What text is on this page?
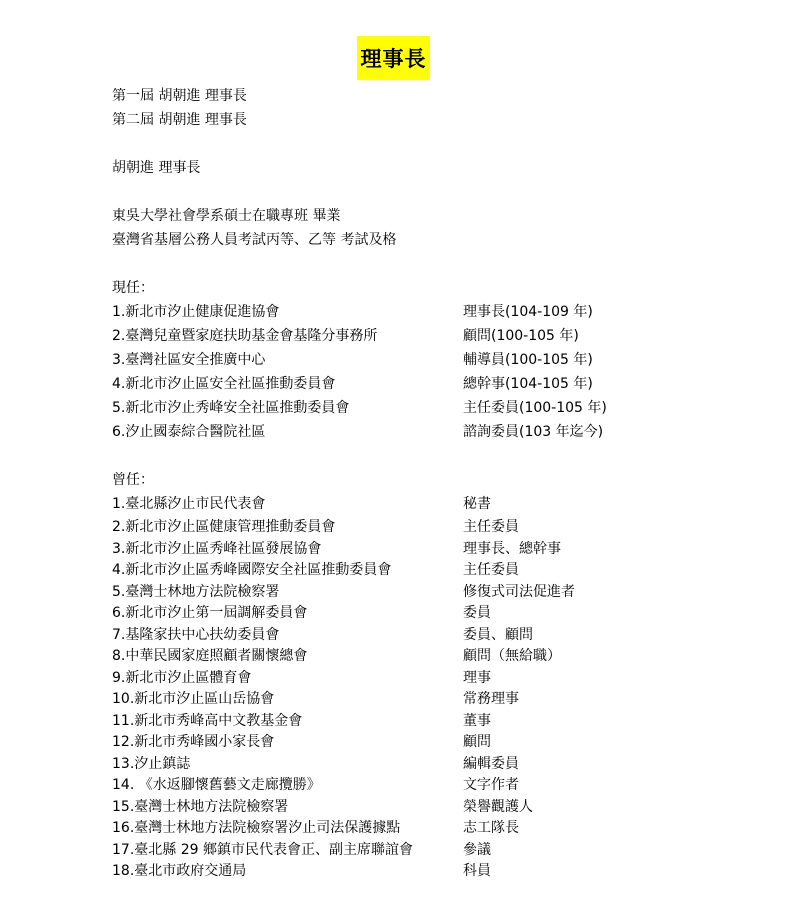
理事長
第一屆 胡朝進 理事長
第二屆 胡朝進 理事長
胡朝進 理事長
東吳大學社會學系碩士在職專班 畢業
臺灣省基層公務人員考試丙等、乙等 考試及格
現任：
1.新北市汐止健康促進協會	理事長(104-109 年)
2.臺灣兒童暨家庭扶助基金會基隆分事務所	顧問(100-105 年)
3.臺灣社區安全推廣中心	輔導員(100-105 年)
4.新北市汐止區安全社區推動委員會	總幹事(104-105 年)
5.新北市汐止秀峰安全社區推動委員會	主任委員(100-105 年)
6.汐止國泰綜合醫院社區	諮詢委員(103 年迄今)
曾任：
1.臺北縣汐止市民代表會	秘書
2.新北市汐止區健康管理推動委員會	主任委員
3.新北市汐止區秀峰社區發展協會	理事長、總幹事
4.新北市汐止區秀峰國際安全社區推動委員會	主任委員
5.臺灣士林地方法院檢察署	修復式司法促進者
6.新北市汐止第一屆調解委員會	委員
7.基隆家扶中心扶幼委員會	委員、顧問
8.中華民國家庭照顧者關懷總會	顧問（無給職）
9.新北市汐止區體育會	理事
10.新北市汐止區山岳協會	常務理事
11.新北市秀峰高中文教基金會	董事
12.新北市秀峰國小家長會	顧問
13.汐止鎮誌	編輯委員
14. 《水返腳懷舊藝文走廊攬勝》	文字作者
15.臺灣士林地方法院檢察署	榮譽觀護人
16.臺灣士林地方法院檢察署汐止司法保護據點	志工隊長
17.臺北縣 29 鄉鎮市民代表會正、副主席聯誼會	參議
18.臺北市政府交通局	科員
